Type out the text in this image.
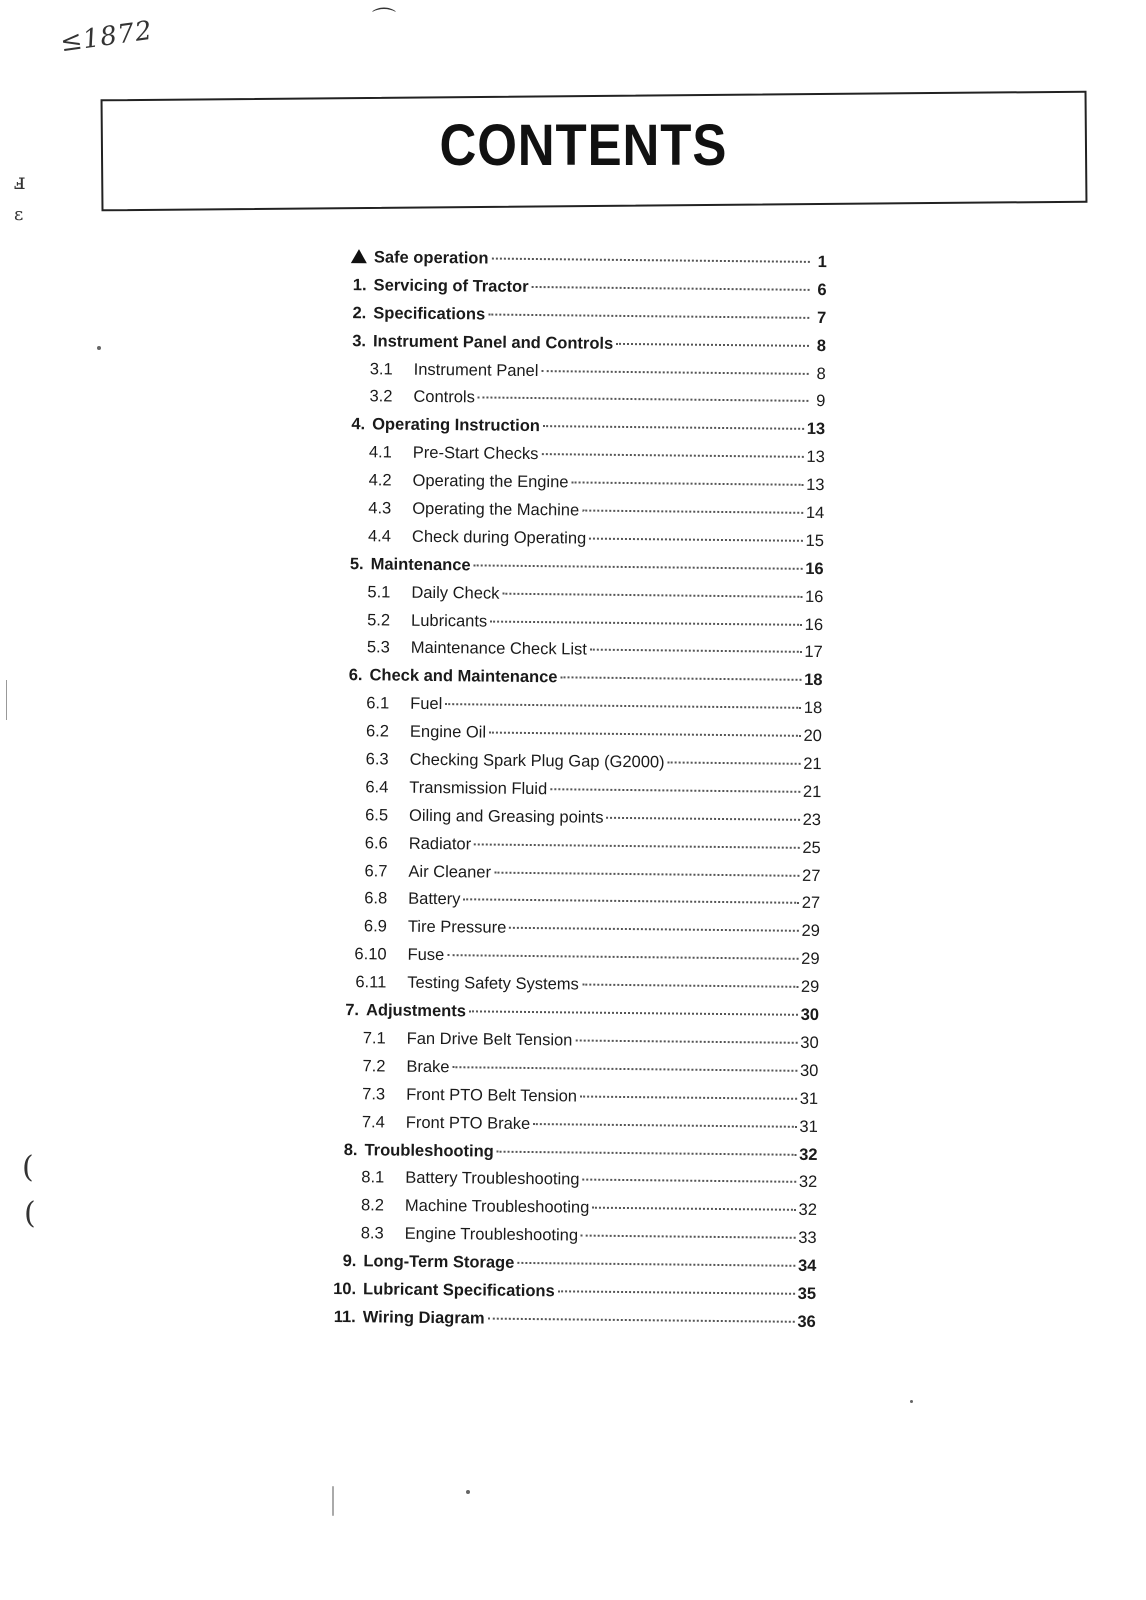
≤1872	⌒
ⅎ
ɛ
(
(
CONTENTS
Safe operation	1
1. Servicing of Tractor	6
2. Specifications	7
3. Instrument Panel and Controls	8
3.1 Instrument Panel	8
3.2 Controls	9
4. Operating Instruction	13
4.1 Pre-Start Checks	13
4.2 Operating the Engine	13
4.3 Operating the Machine	14
4.4 Check during Operating	15
5. Maintenance	16
5.1 Daily Check	16
5.2 Lubricants	16
5.3 Maintenance Check List	17
6. Check and Maintenance	18
6.1 Fuel	18
6.2 Engine Oil	20
6.3 Checking Spark Plug Gap (G2000)	21
6.4 Transmission Fluid	21
6.5 Oiling and Greasing points	23
6.6 Radiator	25
6.7 Air Cleaner	27
6.8 Battery	27
6.9 Tire Pressure	29
6.10 Fuse	29
6.11 Testing Safety Systems	29
7. Adjustments	30
7.1 Fan Drive Belt Tension	30
7.2 Brake	30
7.3 Front PTO Belt Tension	31
7.4 Front PTO Brake	31
8. Troubleshooting	32
8.1 Battery Troubleshooting	32
8.2 Machine Troubleshooting	32
8.3 Engine Troubleshooting	33
9. Long-Term Storage	34
10. Lubricant Specifications	35
11. Wiring Diagram	36
